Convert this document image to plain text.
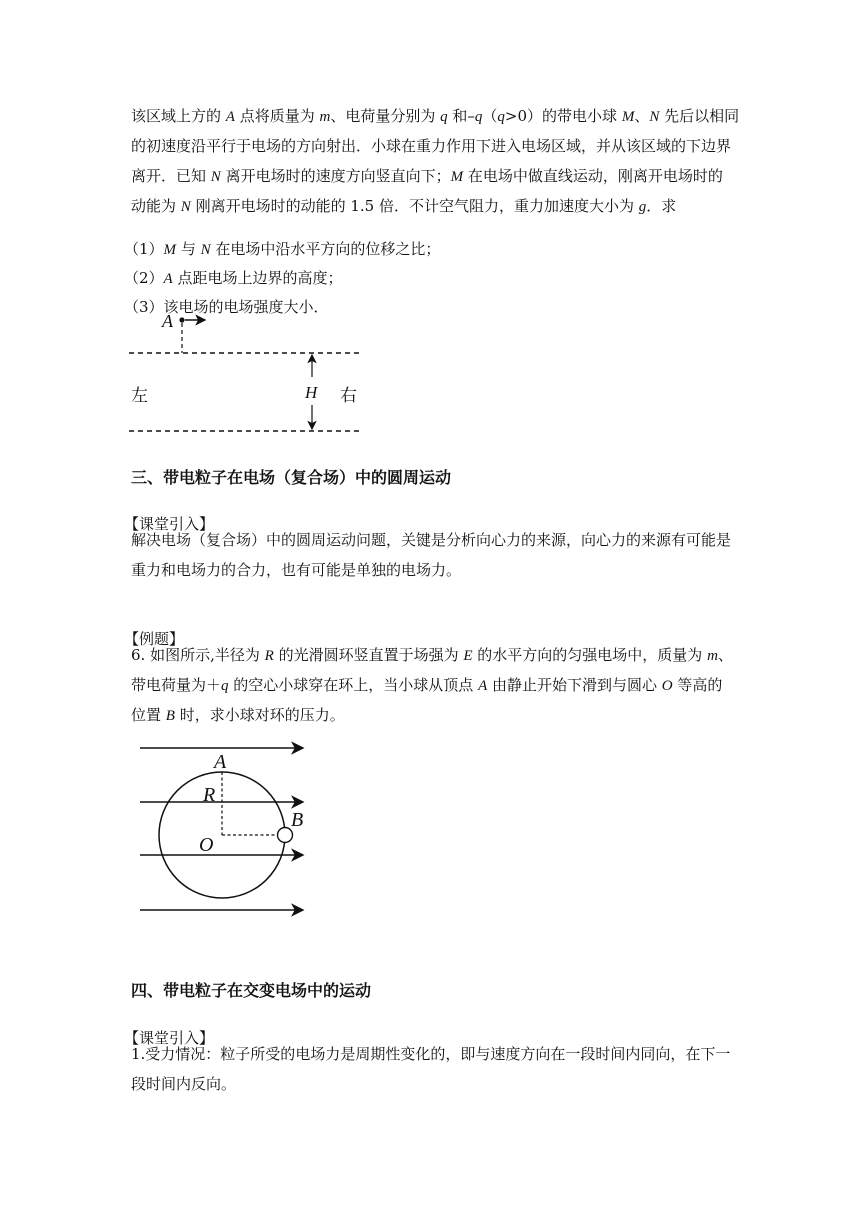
该区域上方的 A 点将质量为 m、电荷量分别为 q 和–q（q>0）的带电小球 M、N 先后以相同

的初速度沿平行于电场的方向射出．小球在重力作用下进入电场区域，并从该区域的下边界

离开．已知 N 离开电场时的速度方向竖直向下；M 在电场中做直线运动，刚离开电场时的

动能为 N 刚离开电场时的动能的 1.5 倍．不计空气阻力，重力加速度大小为 g．求

（1）M 与 N 在电场中沿水平方向的位移之比；

（2）A 点距电场上边界的高度；

（3）该电场的电场强度大小．

A
H
左	右

三、带电粒子在电场（复合场）中的圆周运动

【课堂引入】

解决电场（复合场）中的圆周运动问题，关键是分析向心力的来源，向心力的来源有可能是

重力和电场力的合力，也有可能是单独的电场力。

【例题】

6. 如图所示,半径为 R 的光滑圆环竖直置于场强为 E 的水平方向的匀强电场中，质量为 m、

带电荷量为＋q 的空心小球穿在环上，当小球从顶点 A 由静止开始下滑到与圆心 O 等高的

位置 B 时，求小球对环的压力。

A
R
B
O

四、带电粒子在交变电场中的运动

【课堂引入】

1.受力情况：粒子所受的电场力是周期性变化的，即与速度方向在一段时间内同向，在下一

段时间内反向。
